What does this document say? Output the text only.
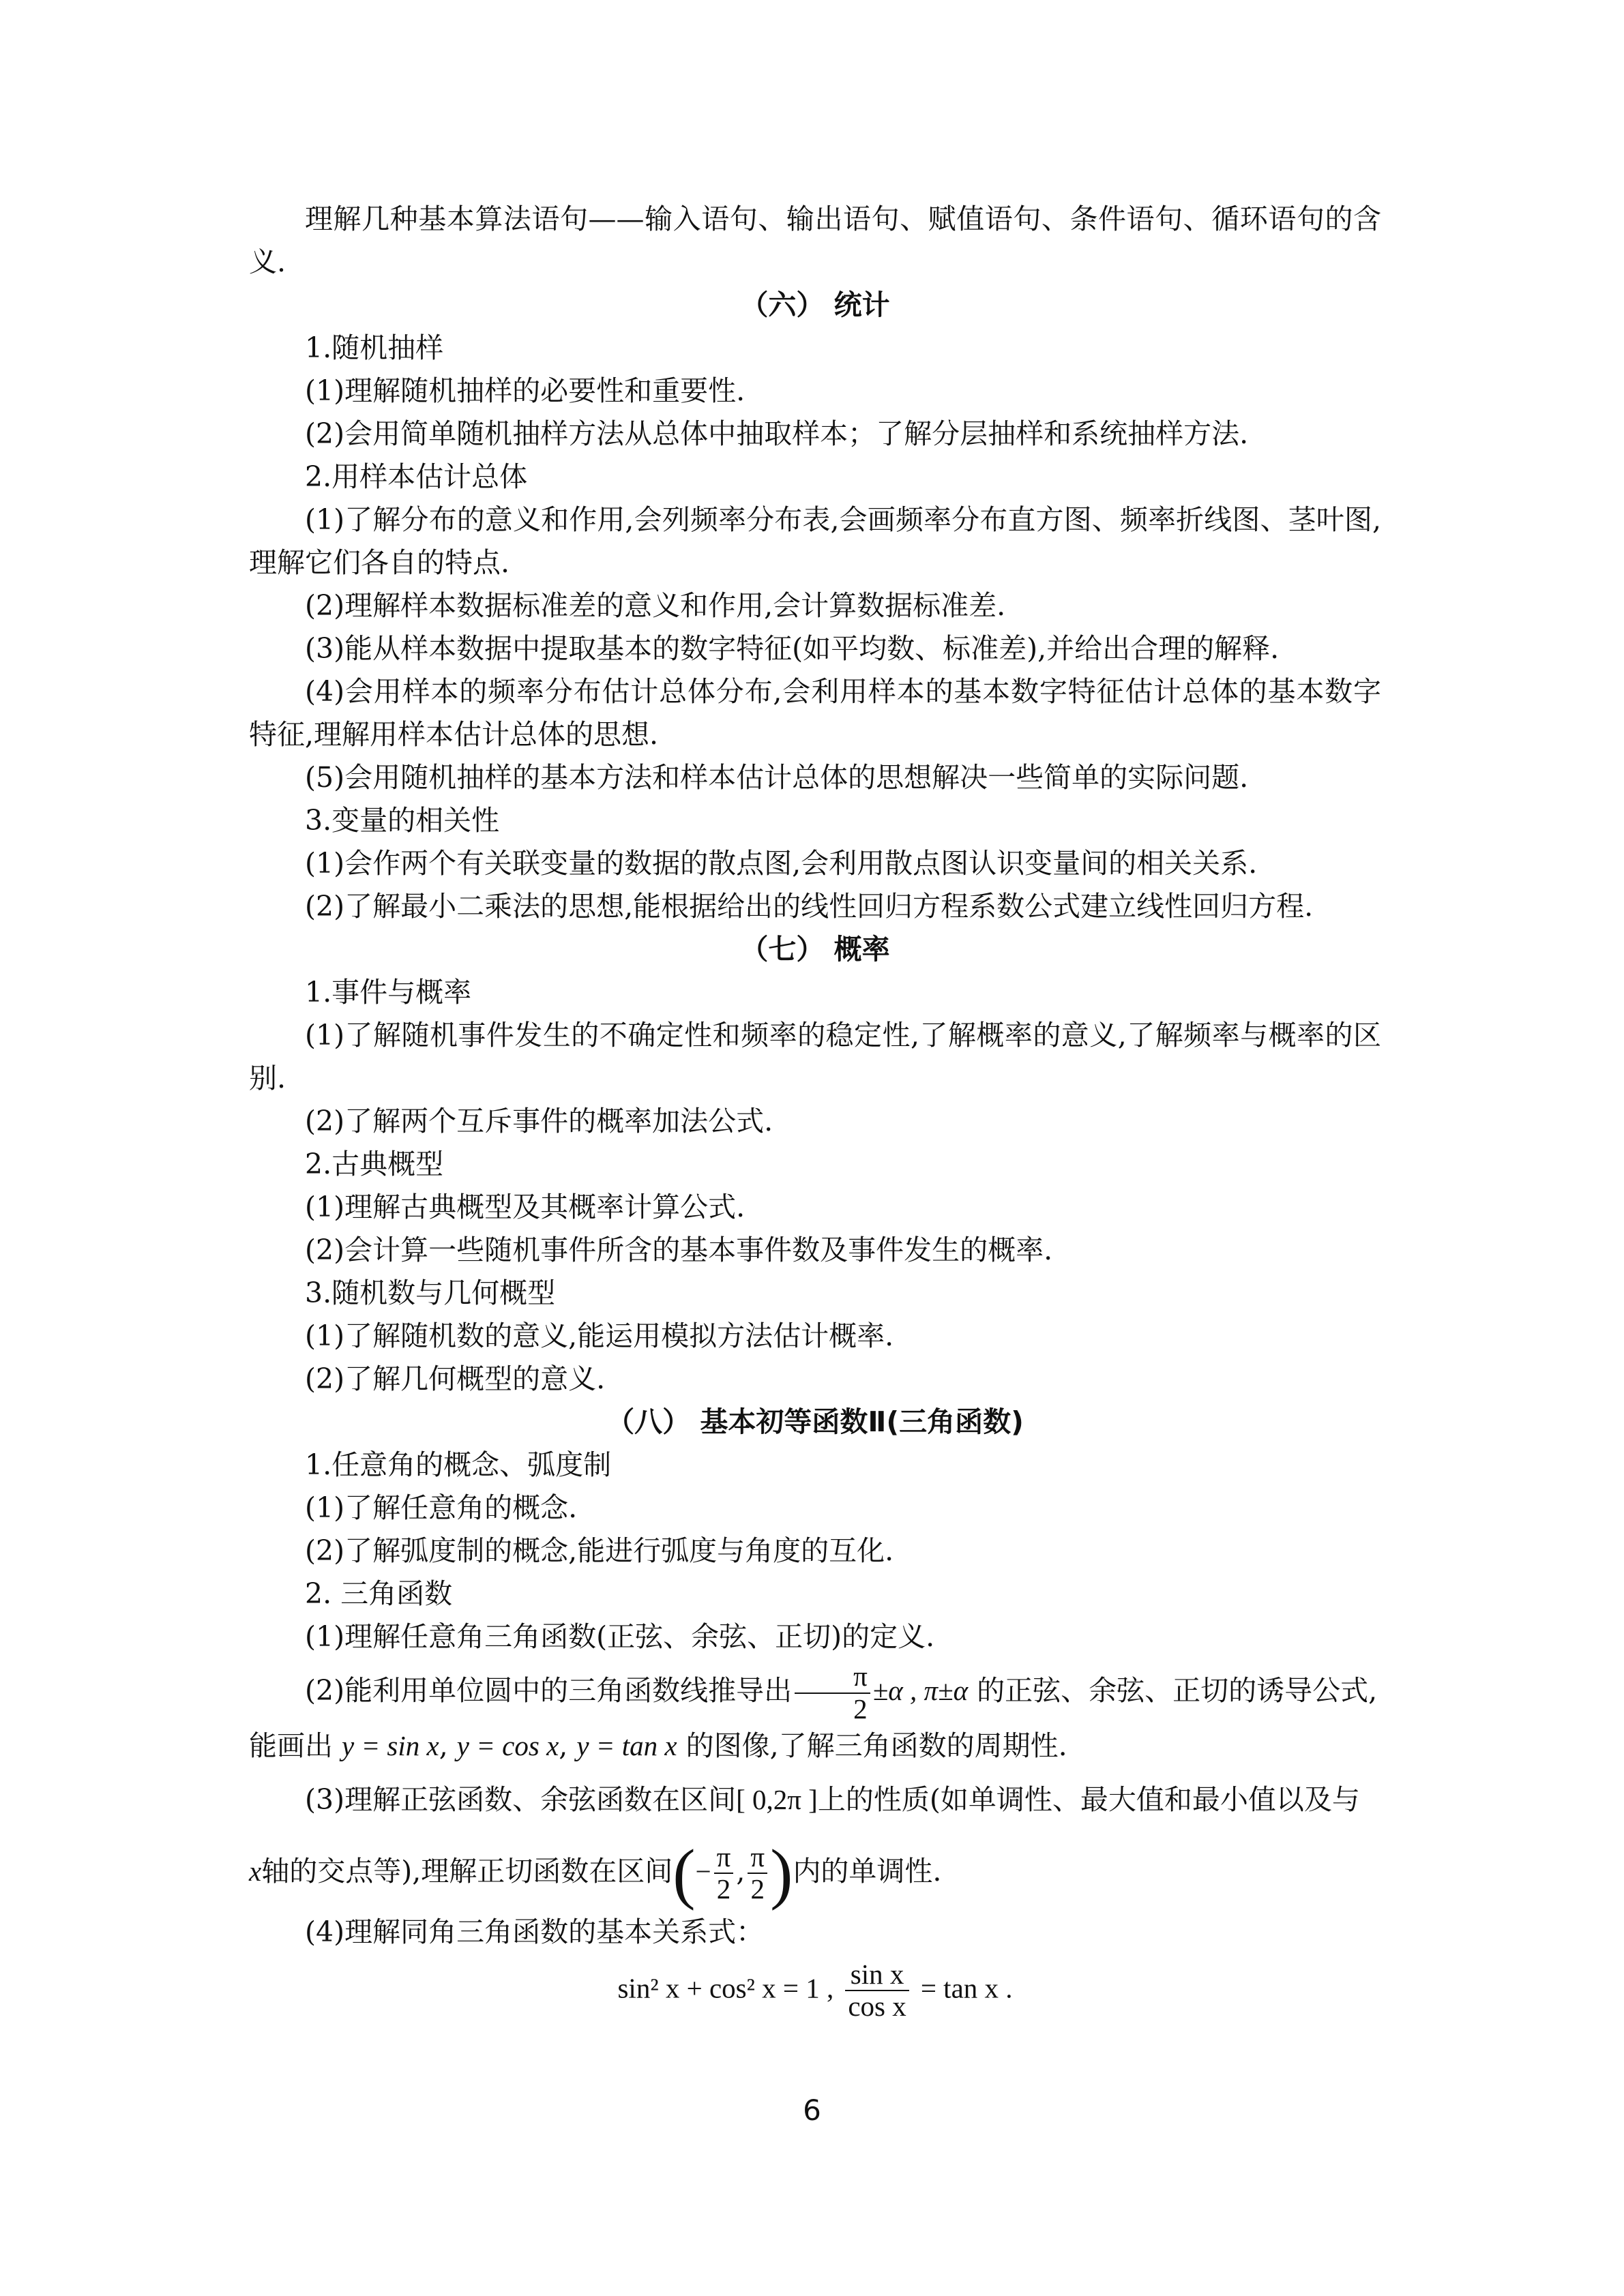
理解几种基本算法语句——输入语句、输出语句、赋值语句、条件语句、循环语句的含义.

（六） 统计

1.随机抽样

(1)理解随机抽样的必要性和重要性.

(2)会用简单随机抽样方法从总体中抽取样本；了解分层抽样和系统抽样方法.

2.用样本估计总体

(1)了解分布的意义和作用,会列频率分布表,会画频率分布直方图、频率折线图、茎叶图,理解它们各自的特点.

(2)理解样本数据标准差的意义和作用,会计算数据标准差.

(3)能从样本数据中提取基本的数字特征(如平均数、标准差),并给出合理的解释.

(4)会用样本的频率分布估计总体分布,会利用样本的基本数字特征估计总体的基本数字特征,理解用样本估计总体的思想.

(5)会用随机抽样的基本方法和样本估计总体的思想解决一些简单的实际问题.

3.变量的相关性

(1)会作两个有关联变量的数据的散点图,会利用散点图认识变量间的相关关系.

(2)了解最小二乘法的思想,能根据给出的线性回归方程系数公式建立线性回归方程.

（七） 概率

1.事件与概率

(1)了解随机事件发生的不确定性和频率的稳定性,了解概率的意义,了解频率与概率的区别.

(2)了解两个互斥事件的概率加法公式.

2.古典概型

(1)理解古典概型及其概率计算公式.

(2)会计算一些随机事件所含的基本事件数及事件发生的概率.

3.随机数与几何概型

(1)了解随机数的意义,能运用模拟方法估计概率.

(2)了解几何概型的意义.

（八） 基本初等函数Ⅱ(三角函数)

1.任意角的概念、弧度制

(1)了解任意角的概念.

(2)了解弧度制的概念,能进行弧度与角度的互化.

2. 三角函数

(1)理解任意角三角函数(正弦、余弦、正切)的定义.

(2)能利用单位圆中的三角函数线推导出 $\frac{\pi}{2} \pm\alpha$ , π±α 的正弦、余弦、正切的诱导公式,

能画出 y = sin x, y = cos x, y = tan x 的图像,了解三角函数的周期性.

(3)理解正弦函数、余弦函数在区间[ 0,2π ]上的性质(如单调性、最大值和最小值以及与

x轴的交点等),理解正切函数在区间(− $\frac{\pi}{2}$ , $\frac{\pi}{2}$ )内的单调性.

(4)理解同角三角函数的基本关系式：

sin² x + cos² x = 1 , $\frac{\text{sin x}}{\text{cos x}} = \tan x$ .
6
